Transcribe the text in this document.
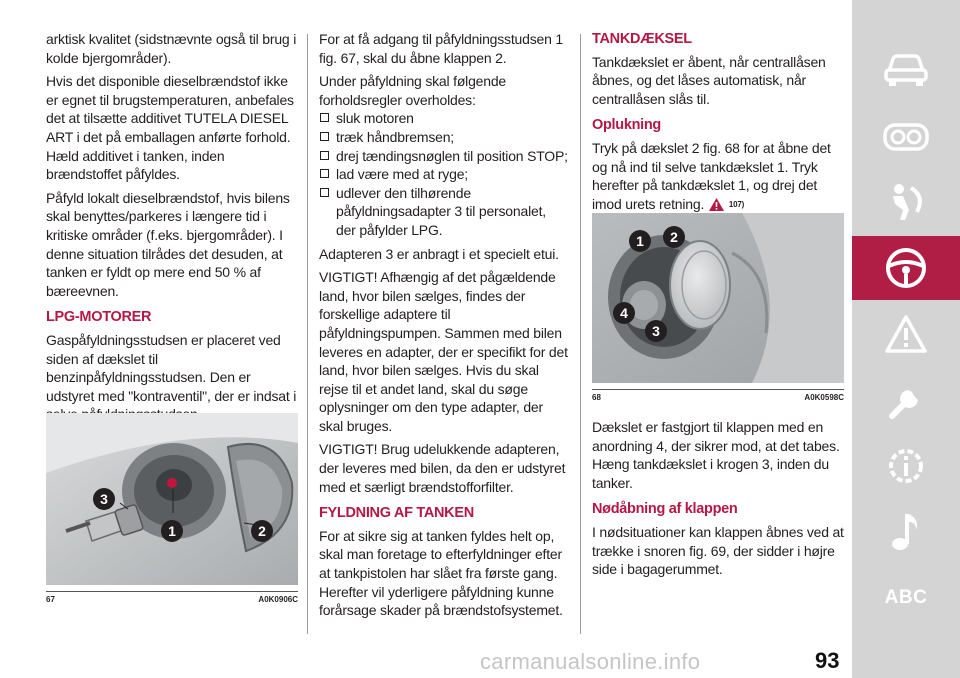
arktisk kvalitet (sidstnævnte også til brug i kolde bjergområder).

Hvis det disponible dieselbrændstof ikke er egnet til brugstemperaturen, anbefales det at tilsætte additivet TUTELA DIESEL ART i det på emballagen anførte forhold. Hæld additivet i tanken, inden brændstoffet påfyldes.

Påfyld lokalt dieselbrændstof, hvis bilens skal benyttes/parkeres i længere tid i kritiske områder (f.eks. bjergområder). I denne situation tilrådes det desuden, at tanken er fyldt op mere end 50 % af bæreevnen.

LPG-MOTORER

Gaspåfyldningsstudsen er placeret ved siden af dækslet til benzinpåfyldningsstudsen. Den er udstyret med "kontraventil", der er indsat i

1	2
3
67	A0K0906C

For at få adgang til påfyldningsstudsen 1 fig. 67, skal du åbne klappen 2.

Under påfyldning skal følgende forholdsregler overholdes:

sluk motoren
træk håndbremsen;
drej tændingsnøglen til position STOP;
lad være med at ryge;
udlever den tilhørende påfyldningsadapter 3 til personalet, der påfylder LPG.

Adapteren 3 er anbragt i et specielt etui.

VIGTIGT! Afhængig af det pågældende land, hvor bilen sælges, findes der forskellige adaptere til påfyldningspumpen. Sammen med bilen leveres en adapter, der er specifikt for det land, hvor bilen sælges. Hvis du skal rejse til et andet land, skal du søge oplysninger om den type adapter, der skal bruges.

VIGTIGT! Brug udelukkende adapteren, der leveres med bilen, da den er udstyret med et særligt brændstofforfilter.

FYLDNING AF TANKEN

For at sikre sig at tanken fyldes helt op, skal man foretage to efterfyldninger efter at tankpistolen har slået fra første gang. Herefter vil yderligere påfyldning kunne forårsage skader på brændstofsystemet.

TANKDÆKSEL

Tankdækslet er åbent, når centrallåsen åbnes, og det låses automatisk, når centrallåsen slås til.

Oplukning

Tryk på dækslet 2 fig. 68 for at åbne det og nå ind til selve tankdækslet 1. Tryk herefter på tankdækslet 1, og drej det imod urets retning.	107)

1 2
3
4
68	A0K0598C

Dækslet er fastgjort til klappen med en anordning 4, der sikrer mod, at det tabes. Hæng tankdækslet i krogen 3, inden du tanker.

Nødåbning af klappen

I nødsituationer kan klappen åbnes ved at trække i snoren fig. 69, der sidder i højre side i bagagerummet.

ABC
carmanualsonline.info	93
